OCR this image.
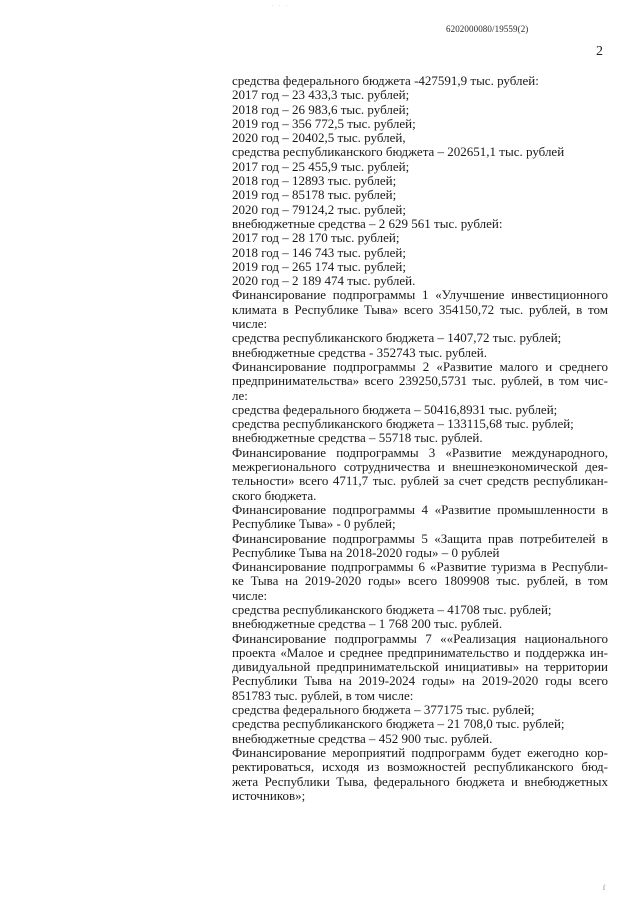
. . .
6202000080/19559(2)
2
средства федерального бюджета -427591,9 тыс. рублей:
2017 год – 23 433,3 тыс. рублей;
2018 год – 26 983,6 тыс. рублей;
2019 год – 356 772,5 тыс. рублей;
2020 год – 20402,5 тыс. рублей,
средства республиканского бюджета – 202651,1 тыс. рублей
2017 год – 25 455,9 тыс. рублей;
2018 год – 12893 тыс. рублей;
2019 год – 85178 тыс. рублей;
2020 год – 79124,2 тыс. рублей;
внебюджетные средства – 2 629 561 тыс. рублей:
2017 год – 28 170 тыс. рублей;
2018 год – 146 743 тыс. рублей;
2019 год – 265 174 тыс. рублей;
2020 год – 2 189 474 тыс. рублей.
Финансирование подпрограммы 1 «Улучшение инвестиционного
климата в Республике Тыва» всего 354150,72 тыс. рублей, в том
числе:
средства республиканского бюджета – 1407,72 тыс. рублей;
внебюджетные средства - 352743 тыс. рублей.
Финансирование подпрограммы 2 «Развитие малого и среднего
предпринимательства» всего 239250,5731 тыс. рублей, в том чис-
ле:
средства федерального бюджета – 50416,8931 тыс. рублей;
средства республиканского бюджета – 133115,68 тыс. рублей;
внебюджетные средства – 55718 тыс. рублей.
Финансирование подпрограммы 3 «Развитие международного,
межрегионального сотрудничества и внешнеэкономической дея-
тельности» всего 4711,7 тыс. рублей за счет средств республикан-
ского бюджета.
Финансирование подпрограммы 4 «Развитие промышленности в
Республике Тыва» - 0 рублей;
Финансирование подпрограммы 5 «Защита прав потребителей в
Республике Тыва на 2018-2020 годы» – 0 рублей
Финансирование подпрограммы 6 «Развитие туризма в Республи-
ке Тыва на 2019-2020 годы» всего 1809908 тыс. рублей, в том
числе:
средства республиканского бюджета – 41708 тыс. рублей;
внебюджетные средства – 1 768 200 тыс. рублей.
Финансирование подпрограммы 7 ««Реализация национального
проекта «Малое и среднее предпринимательство и поддержка ин-
дивидуальной предпринимательской инициативы» на территории
Республики Тыва на 2019-2024 годы» на 2019-2020 годы всего
851783 тыс. рублей, в том числе:
средства федерального бюджета – 377175 тыс. рублей;
средства республиканского бюджета – 21 708,0 тыс. рублей;
внебюджетные средства – 452 900 тыс. рублей.
Финансирование мероприятий подпрограмм будет ежегодно кор-
ректироваться, исходя из возможностей республиканского бюд-
жета Республики Тыва, федерального бюджета и внебюджетных
источников»;
ſ
